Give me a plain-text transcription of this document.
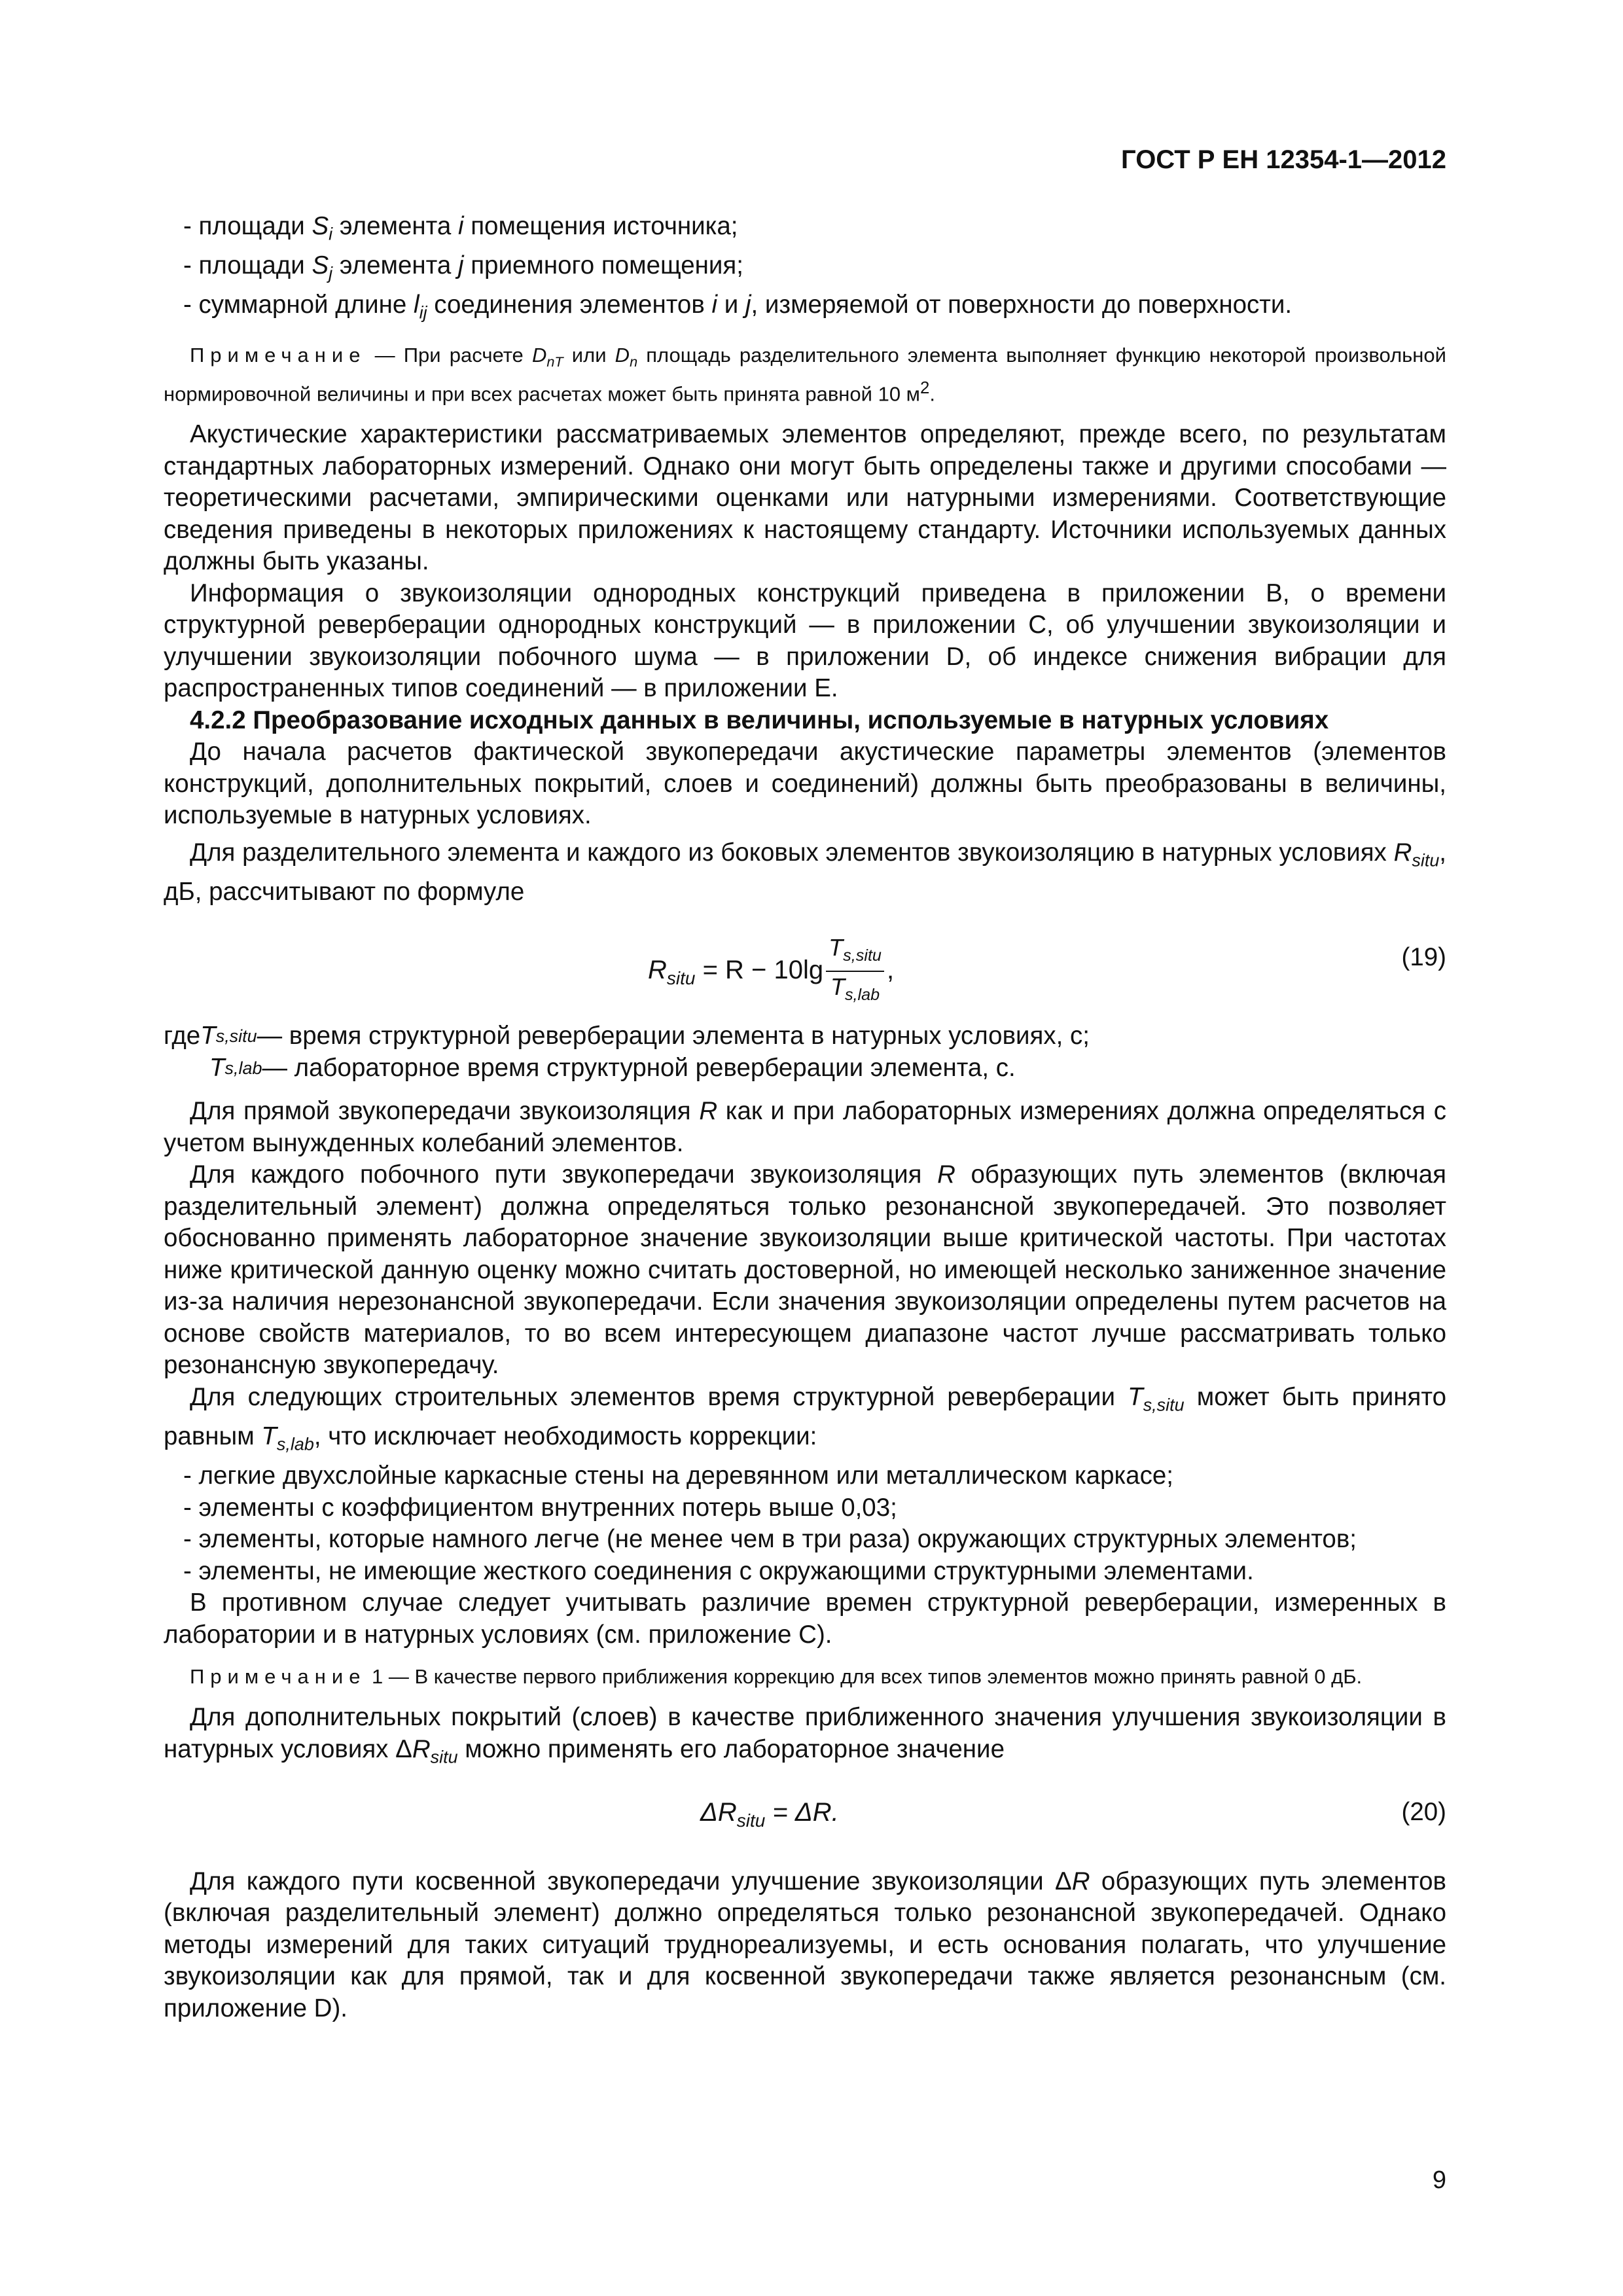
ГОСТ Р ЕН 12354-1—2012

- площади $S_i$ элемента i помещения источника;

- площади $S_j$ элемента j приемного помещения;

- суммарной длине $l_{ij}$ соединения элементов i и j, измеряемой от поверхности до поверхности.

Примечание — При расчете $D_{nT}$ или $D_n$ площадь разделительного элемента выполняет функцию некоторой произвольной нормировочной величины и при всех расчетах может быть принята равной 10 $м^2$.

Акустические характеристики рассматриваемых элементов определяют, прежде всего, по результатам стандартных лабораторных измерений. Однако они могут быть определены также и другими способами — теоретическими расчетами, эмпирическими оценками или натурными измерениями. Соответствующие сведения приведены в некоторых приложениях к настоящему стандарту. Источники используемых данных должны быть указаны.

Информация о звукоизоляции однородных конструкций приведена в приложении В, о времени структурной реверберации однородных конструкций — в приложении С, об улучшении звукоизоляции и улучшении звукоизоляции побочного шума — в приложении D, об индексе снижения вибрации для распространенных типов соединений — в приложении Е.

4.2.2 Преобразование исходных данных в величины, используемые в натурных условиях

До начала расчетов фактической звукопередачи акустические параметры элементов (элементов конструкций, дополнительных покрытий, слоев и соединений) должны быть преобразованы в величины, используемые в натурных условиях.

Для разделительного элемента и каждого из боковых элементов звукоизоляцию в натурных условиях $R_{situ}$, дБ, рассчитывают по формуле

$R_{situ} = R - 10\lg \frac{T_{s,situ}}{T_{s,lab}}$ ,	(19)
где T s,situ — время структурной реверберации элемента в натурных условиях, с;
T s,lab — лабораторное время структурной реверберации элемента, с.

Для прямой звукопередачи звукоизоляция R как и при лабораторных измерениях должна определяться с учетом вынужденных колебаний элементов.

Для каждого побочного пути звукопередачи звукоизоляция R образующих путь элементов (включая разделительный элемент) должна определяться только резонансной звукопередачей. Это позволяет обоснованно применять лабораторное значение звукоизоляции выше критической частоты. При частотах ниже критической данную оценку можно считать достоверной, но имеющей несколько заниженное значение из-за наличия нерезонансной звукопередачи. Если значения звукоизоляции определены путем расчетов на основе свойств материалов, то во всем интересующем диапазоне частот лучше рассматривать только резонансную звукопередачу.

Для следующих строительных элементов время структурной реверберации $T_{s,situ}$ может быть принято равным $T_{s,lab}$, что исключает необходимость коррекции:

- легкие двухслойные каркасные стены на деревянном или металлическом каркасе;

- элементы с коэффициентом внутренних потерь выше 0,03;

- элементы, которые намного легче (не менее чем в три раза) окружающих структурных элементов;

- элементы, не имеющие жесткого соединения с окружающими структурными элементами.

В противном случае следует учитывать различие времен структурной реверберации, измеренных в лаборатории и в натурных условиях (см. приложение С).

Примечание 1 — В качестве первого приближения коррекцию для всех типов элементов можно принять равной 0 дБ.

Для дополнительных покрытий (слоев) в качестве приближенного значения улучшения звукоизоляции в натурных условиях $\Delta R_{situ}$ можно применять его лабораторное значение

$\Delta R_{situ} = \Delta R$.	(20)

Для каждого пути косвенной звукопередачи улучшение звукоизоляции ΔR образующих путь элементов (включая разделительный элемент) должно определяться только резонансной звукопередачей. Однако методы измерений для таких ситуаций труднореализуемы, и есть основания полагать, что улучшение звукоизоляции как для прямой, так и для косвенной звукопередачи также является резонансным (см. приложение D).

9
